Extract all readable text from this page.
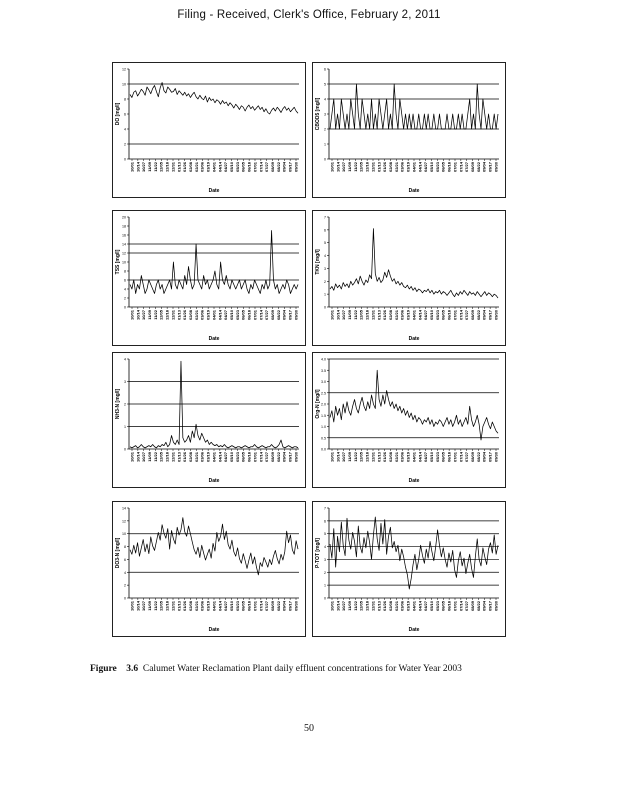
Filing - Received, Clerk's Office, February 2, 2011
0
2
4
6
8
10
12
DO [mg/l]
10/01 10/14 10/27 11/09 11/22 12/05 12/18 12/31 01/13 01/26 02/08 02/21 03/06 03/19 04/01 04/14 04/27 05/10 05/23 06/05 06/18 07/01 07/14 07/27 08/09 08/22 09/04 09/17 09/30
Date
0
1
2
3
4
5
6
CBOD5 [mg/l]
10/01 10/14 10/27 11/09 11/22 12/05 12/18 12/31 01/13 01/26 02/08 02/21 03/06 03/19 04/01 04/14 04/27 05/10 05/23 06/05 06/18 07/01 07/14 07/27 08/09 08/22 09/04 09/17 09/30
Date
0
2
4
6
8
10
12
14
16
18
20
TSS [mg/l]
10/01 10/14 10/27 11/09 11/22 12/05 12/18 12/31 01/13 01/26 02/08 02/21 03/06 03/19 04/01 04/14 04/27 05/10 05/23 06/05 06/18 07/01 07/14 07/27 08/09 08/22 09/04 09/17 09/30
Date
0
1
2
3
4
5
6
7
TKN [mg/l]
10/01 10/14 10/27 11/09 11/22 12/05 12/18 12/31 01/13 01/26 02/08 02/21 03/06 03/19 04/01 04/14 04/27 05/10 05/23 06/05 06/18 07/01 07/14 07/27 08/09 08/22 09/04 09/17 09/30
Date
0
1
2
3
4
NH3-N [mg/l]
10/01 10/14 10/27 11/09 11/22 12/05 12/18 12/31 01/13 01/26 02/08 02/21 03/06 03/19 04/01 04/14 04/27 05/10 05/23 06/05 06/18 07/01 07/14 07/27 08/09 08/22 09/04 09/17 09/30
Date
0.0
0.5
1.0
1.5
2.0
2.5
3.0
3.5
4.0
Org-N [mg/l]
10/01 10/14 10/27 11/09 11/22 12/05 12/18 12/31 01/13 01/26 02/08 02/21 03/06 03/19 04/01 04/14 04/27 05/10 05/23 06/05 06/18 07/01 07/14 07/27 08/09 08/22 09/04 09/17 09/30
Date
0
2
4
6
8
10
12
14
DO3-N [mg/l]
10/01 10/14 10/27 11/09 11/22 12/05 12/18 12/31 01/13 01/26 02/08 02/21 03/06 03/19 04/01 04/14 04/27 05/10 05/23 06/05 06/18 07/01 07/14 07/27 08/09 08/22 09/04 09/17 09/30
Date
0
1
2
3
4
5
6
7
P-TOT [mg/l]
10/01 10/14 10/27 11/09 11/22 12/05 12/18 12/31 01/13 01/26 02/08 02/21 03/06 03/19 04/01 04/14 04/27 05/10 05/23 06/05 06/18 07/01 07/14 07/27 08/09 08/22 09/04 09/17 09/30
Date
Figure 3.6 Calumet Water Reclamation Plant daily effluent concentrations for Water Year 2003
50
